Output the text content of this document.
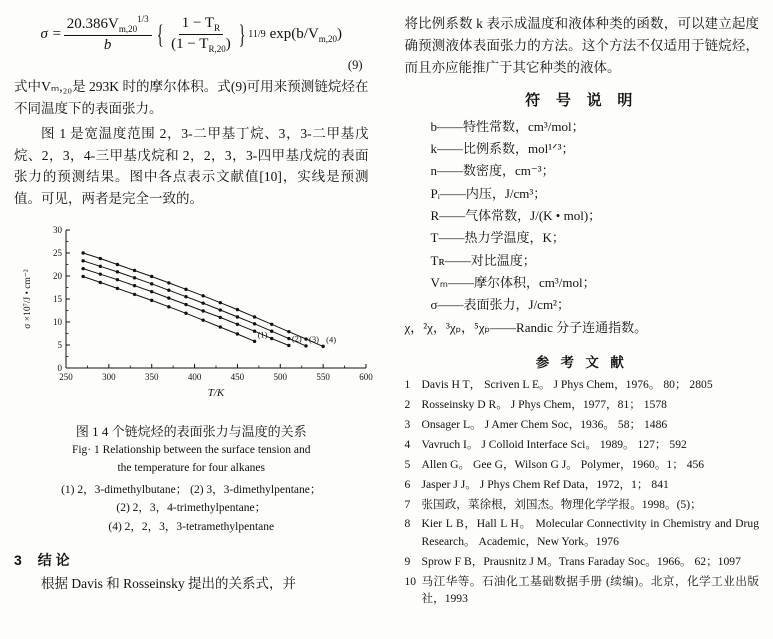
$\sigma = \frac{20.386V_{m,20}^{1/3}}{b}$ { $\frac{1 - T_R}{(1 - T_{R,20})}$ } 11/9 $\exp(b/V_{m,20})$
(9)

式中Vₘ,₂₀是 293K 时的摩尔体积。式(9)可用来预测链烷烃在不同温度下的表面张力。

图 1 是宽温度范围 2，3-二甲基丁烷、3，3-二甲基戊烷、2，3，4-三甲基戊烷和 2，2，3，3-四甲基戊烷的表面张力的预测结果。图中各点表示文献值[10]，实线是预测值。可见，两者是完全一致的。

250	300	350	400	450	500	550	600
0
5
10
15
20
25
30
(4)
(3)
(2)
(1)
T/K
σ ×10⁷/J • cm⁻²
图 1 4 个链烷烃的表面张力与温度的关系
Fig· 1 Relationship between the surface tension and
the temperature for four alkanes
(1) 2，3-dimethylbutane； (2) 3，3-dimethylpentane；
(2) 2，3，4-trimethylpentane；
(4) 2，2，3，3-tetramethylpentane
3 结 论

根据 Davis 和 Rosseinsky 提出的关系式，并

将比例系数 k 表示成温度和液体种类的函数，可以建立起度确预测液体表面张力的方法。这个方法不仅适用于链烷烃，而且亦应能推广于其它种类的液体。

符 号 说 明
b——特性常数，cm³/mol；
k——比例系数，mol¹ᐟ³；
n——数密度，cm⁻³；
Pᵢ——内压，J/cm³；
R——气体常数，J/(K • mol)；
T——热力学温度，K；
Tʀ——对比温度；
Vₘ——摩尔体积，cm³/mol；
σ——表面张力，J/cm²；
χ，²χ，³χₚ，⁵χₚ——Randic 分子连通指数。
参 考 文 献
1 Davis H T， Scriven L E。 J Phys Chem，1976。 80； 2805
2 Rosseinsky D R。 J Phys Chem，1977，81； 1578
3 Onsager L。 J Amer Chem Soc，1936。 58； 1486
4 Vavruch I。 J Colloid Interface Sci。 1989。 127； 592
5 Allen G。 Gee G，Wilson G J。 Polymer，1960。1； 456
6 Jasper J J。 J Phys Chem Ref Data，1972，1； 841
7 张国政，菜徐根，刘国杰。物理化学学报。1998。(5)；
8 Kier L B，Hall L H。 Molecular Connectivity in Chemistry and Drug Research。 Academic，New York。1976
9 Sprow F B，Prausnitz J M。Trans Faraday Soc。1966。 62；1097
10 马江华等。石油化工基础数据手册 (续编)。北京，化学工业出版社，1993
